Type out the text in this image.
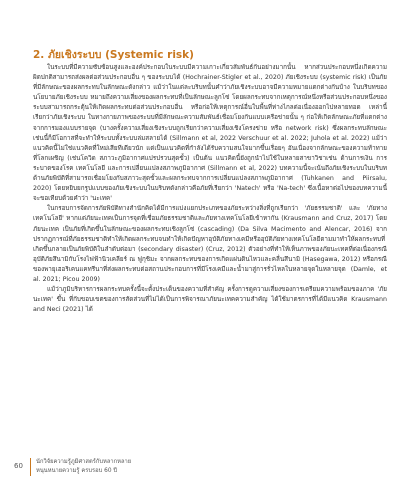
2. ภัยเชิงระบบ (Systemic risk)

ในระบบที่มีความซับซ้อนสูงและองค์ประกอบในระบบมีความเกาะเกี่ยวสัมพันธ์กันอย่างมากนั้น หากส่วนประกอบหนึ่งเกิดความผิดปกติสามารถส่งผลต่อส่วนประกอบอื่น ๆ ของระบบได้ (Hochrainer-Stigler et al., 2020) ภัยเชิงระบบ (systemic risk) เป็นภัยที่มีลักษณะของผลกระทบในลักษณะดังกล่าว แม้ว่าในแต่ละบริบทนั้นคำว่าภัยเชิงระบบอาจมีความหมายแตกต่างกันบ้าง ในบริบทของนโยบายภัยเชิงระบบ หมายถึงความเสี่ยงของผลกระทบที่เป็นลักษณะลูกโซ่ โดยผลกระทบจากเหตุการณ์หนึ่งหรือส่วนประกอบหนึ่งของระบบสามารถกระตุ้นให้เกิดผลกระทบต่อส่วนประกอบอื่น หรือก่อให้เหตุการณ์อื่นในพื้นที่ห่างไกลต่อเนื่องออกไปหลายทอด เหล่านี้เรียกว่าภัยเชิงระบบ ในทางกายภาพของระบบที่มีลักษณะความสัมพันธ์เชื่อมโยงกันแบบเครือข่ายนั้น ๆ ก่อให้เกิดลักษณะภัยที่แตกต่างจากการมองแบบรายจุด (บางครั้งความเสี่ยงเชิงระบบถูกเรียกว่าความเสี่ยงเชิงโครงข่าย หรือ network risk) ซึ่งผลกระทบลักษณะเช่นนี้ก็มีโอกาสที่จะทำให้ระบบทั้งระบบล่มสลายได้ (Sillmann et al, 2022 Verschuur et al. 2022; Juhola et al. 2022) แม้ว่าแนวคิดนี้ไม่ใช่แนวคิดที่ใหม่เสียทีเดียวนัก แต่เป็นแนวคิดที่กำลังได้รับความสนใจมากขึ้นเรื่อยๆ อันเนื่องจากลักษณะของความท้าทายที่โลกเผชิญ (เช่นโควิด สภาวะภูมิอากาศแปรปรวนสุดขั้ว) เป็นต้น แนวคิดนี้ยังถูกนำไปใช้ในหลายสาขาวิชาเช่น ด้านการเงิน การระบาดของโรค เทคโนโลยี และการเปลี่ยนแปลงสภาพภูมิอากาศ (Sillmann et al, 2022) บทความนี้จะเน้นถึงภัยเชิงระบบในบริบทด้านภัยพิบัติที่สามารถเชื่อมโยงกับสภาวะสุดขั้วและผลกระทบจากการเปลี่ยนแปลงสภาพภูมิอากาศ (Tuhkanen and Piirsalu, 2020) โดยหยิบยกรูปแบบของภัยเชิงระบบในบริบทดังกล่าวคือภัยที่เรียกว่า 'Natech' หรือ 'Na-tech' ซึ่งเนื้อหาต่อไปของบทความนี้จะขอเทียบด้วยคำว่า 'นะเทค'

ในกรอบการจัดการภัยพิบัติทางสำนักคิดได้มีการแบ่งแยกประเภทของภัยระหว่างสิ่งที่ถูกเรียกว่า 'ภัยธรรมชาติ' และ 'ภัยทางเทคโนโลยี' หากแต่ภัยนะเทคเป็นการจุดที่เชื่อมภัยธรรมชาติและภัยทางเทคโนโลยีเข้าหากัน (Krausmann and Cruz, 2017) โดยภัยนะเทค เป็นภัยที่เกิดขึ้นในลักษณะของผลกระทบเชิงลูกโซ่ (cascading) (Da Silva Macimento and Alencar, 2016) จากปรากฏการณ์ที่ภัยธรรมชาติทำให้เกิดผลกระทบจนทำให้เกิดปัญหาอุบัติภัยทางเคมีหรืออุบัติภัยทางเทคโนโลยีตามมาทำให้ผลกระทบที่เกิดขึ้นกลายเป็นภัยพิบัติในลำดับต่อมา (secondary disaster) (Cruz, 2012) ตัวอย่างที่ทำให้เห็นภาพของภัยนะเทคที่ต่อเนื่องกรณีอุบัติภัยสึนามิกับโรงไฟฟ้านิวเคลียร์ ณ ฟูกุชิมะ จากผลกระทบของการเกิดแผ่นดินไหวและคลื่นสึนามิ (Hasegawa, 2012) หรือกรณีของพายุเฮอริเคนแคทรีนาที่ส่งผลกระทบต่อสถานประกอบการที่มีโรงเคมีและน้ำมาสู่การรั่วไหลในหลายจุดในหลายจุด (Damle, et al. 2021; Picou 2009)

แม้ว่าภูมิบริหารการผลกระทบครั้งนี้จะตั้งประเด็นของความที่สำคัญ ครั้งการดูความเสี่ยงของการเตรียมความพร้อมของภาค 'ภัยนะเทค' ขึ้น ที่กับขอบเขตของการสัดส่วนที่ไม่ได้เป็นการพิจารณาภัยนะเทคความสำคัญ ได้ใช้มาตรการที่ได้มีแนวคิด Krausmann and Neci (2021) ได้

60 นักวิจัยความรู้ภูมิศาสตร์กับหลากหลาย
หนุนหนายความรู้ ครบรอบ 60 ปี
